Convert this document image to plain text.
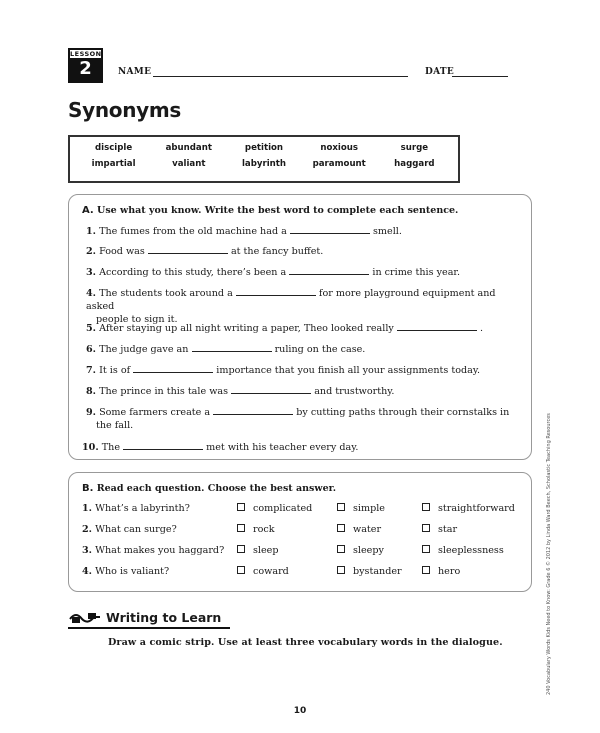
LESSON
2	NAME	DATE
Synonyms
disciple	abundant	petition	noxious	surge
impartial	valiant	labyrinth	paramount	haggard
A. Use what you know. Write the best word to complete each sentence.
1. The fumes from the old machine had a	smell.
2. Food was	at the fancy buffet.
3. According to this study, there’s been a	in crime this year.
4. The students took around a	for more playground equipment and asked
people to sign it.
5. After staying up all night writing a paper, Theo looked really	.
6. The judge gave an	ruling on the case.
7. It is of	importance that you finish all your assignments today.
8. The prince in this tale was	and trustworthy.
9. Some farmers create a	by cutting paths through their cornstalks in
the fall.
10. The	met with his teacher every day.
B. Read each question. Choose the best answer.
1. What’s a labyrinth?	complicated	simple	straightforward
2. What can surge?	rock	water	star
3. What makes you haggard?	sleep	sleepy	sleeplessness
4. Who is valiant?	coward	bystander	hero
Writing to Learn
Draw a comic strip. Use at least three vocabulary words in the dialogue.
10
240 Vocabulary Words Kids Need to Know: Grade 6 © 2012 by Linda Ward Beech, Scholastic Teaching Resources
